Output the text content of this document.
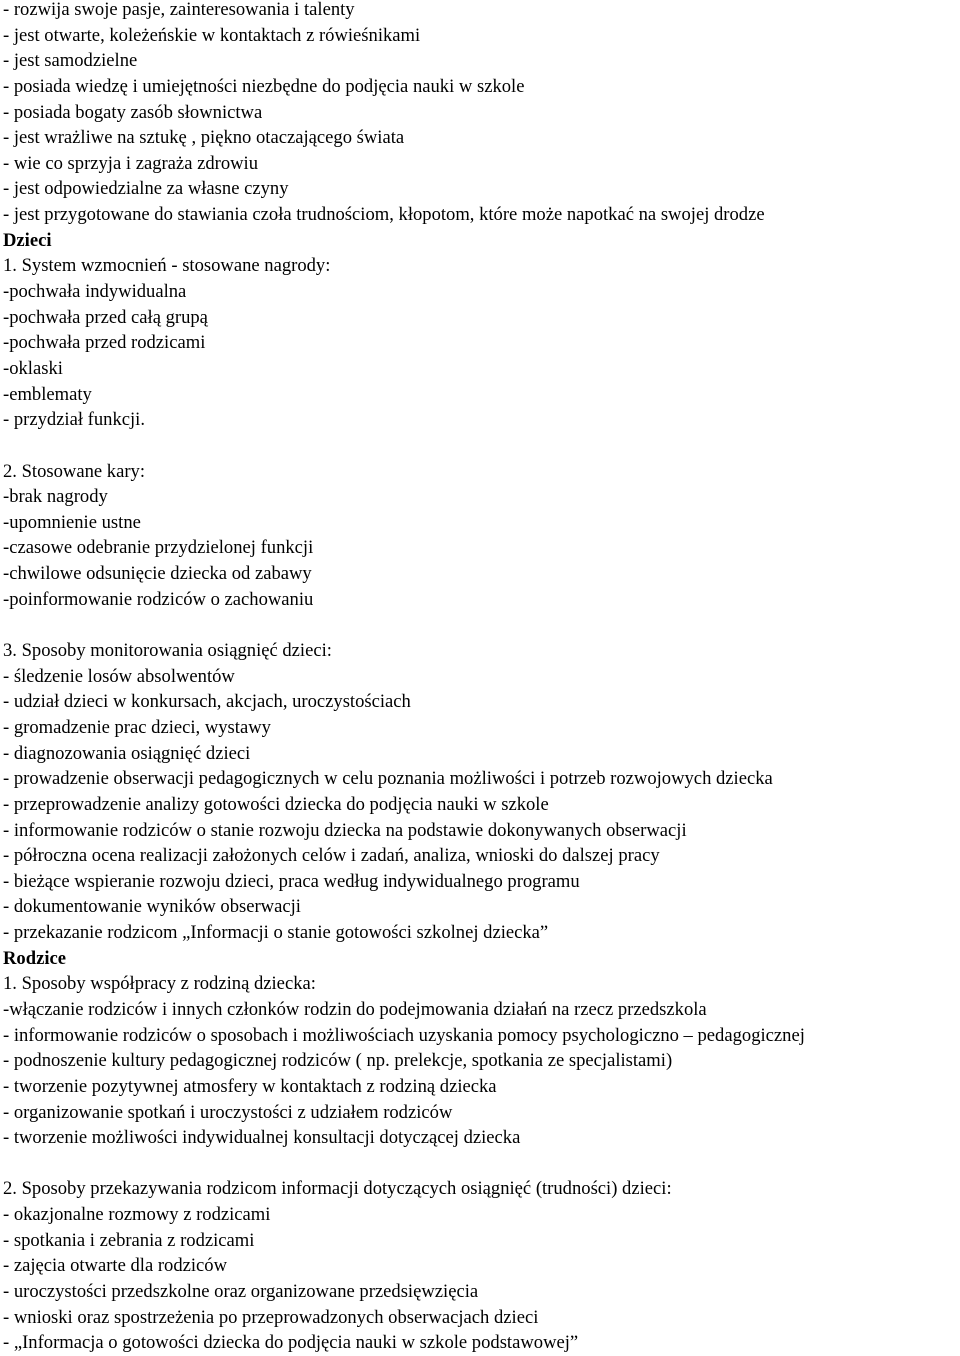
- rozwija swoje pasje, zainteresowania i talenty
- jest otwarte, koleżeńskie w kontaktach z rówieśnikami
- jest samodzielne
- posiada wiedzę i umiejętności niezbędne do podjęcia nauki w szkole
- posiada bogaty zasób słownictwa
- jest wrażliwe na sztukę , piękno otaczającego świata
- wie co sprzyja i zagraża zdrowiu
- jest odpowiedzialne za własne czyny
- jest przygotowane do stawiania czoła trudnościom, kłopotom, które może napotkać na swojej drodze
Dzieci
1. System wzmocnień - stosowane nagrody:
-pochwała indywidualna
-pochwała przed całą grupą
-pochwała przed rodzicami
-oklaski
-emblematy
- przydział funkcji.
2. Stosowane kary:
-brak nagrody
-upomnienie ustne
-czasowe odebranie przydzielonej funkcji
-chwilowe odsunięcie dziecka od zabawy
-poinformowanie rodziców o zachowaniu
3. Sposoby monitorowania osiągnięć dzieci:
- śledzenie losów absolwentów
- udział dzieci w konkursach, akcjach, uroczystościach
- gromadzenie prac dzieci, wystawy
- diagnozowania osiągnięć dzieci
- prowadzenie obserwacji pedagogicznych w celu poznania możliwości i potrzeb rozwojowych dziecka
- przeprowadzenie analizy gotowości dziecka do podjęcia nauki w szkole
- informowanie rodziców o stanie rozwoju dziecka na podstawie dokonywanych obserwacji
- półroczna ocena realizacji założonych celów i zadań, analiza, wnioski do dalszej pracy
- bieżące wspieranie rozwoju dzieci, praca według indywidualnego programu
- dokumentowanie wyników obserwacji
- przekazanie rodzicom „Informacji o stanie gotowości szkolnej dziecka”
Rodzice
1. Sposoby współpracy z rodziną dziecka:
-włączanie rodziców i innych członków rodzin do podejmowania działań na rzecz przedszkola
- informowanie rodziców o sposobach i możliwościach uzyskania pomocy psychologiczno – pedagogicznej
- podnoszenie kultury pedagogicznej rodziców ( np. prelekcje, spotkania ze specjalistami)
- tworzenie pozytywnej atmosfery w kontaktach z rodziną dziecka
- organizowanie spotkań i uroczystości z udziałem rodziców
- tworzenie możliwości indywidualnej konsultacji dotyczącej dziecka
2. Sposoby przekazywania rodzicom informacji dotyczących osiągnięć (trudności) dzieci:
- okazjonalne rozmowy z rodzicami
- spotkania i zebrania z rodzicami
- zajęcia otwarte dla rodziców
- uroczystości przedszkolne oraz organizowane przedsięwzięcia
- wnioski oraz spostrzeżenia po przeprowadzonych obserwacjach dzieci
- „Informacja o gotowości dziecka do podjęcia nauki w szkole podstawowej”
